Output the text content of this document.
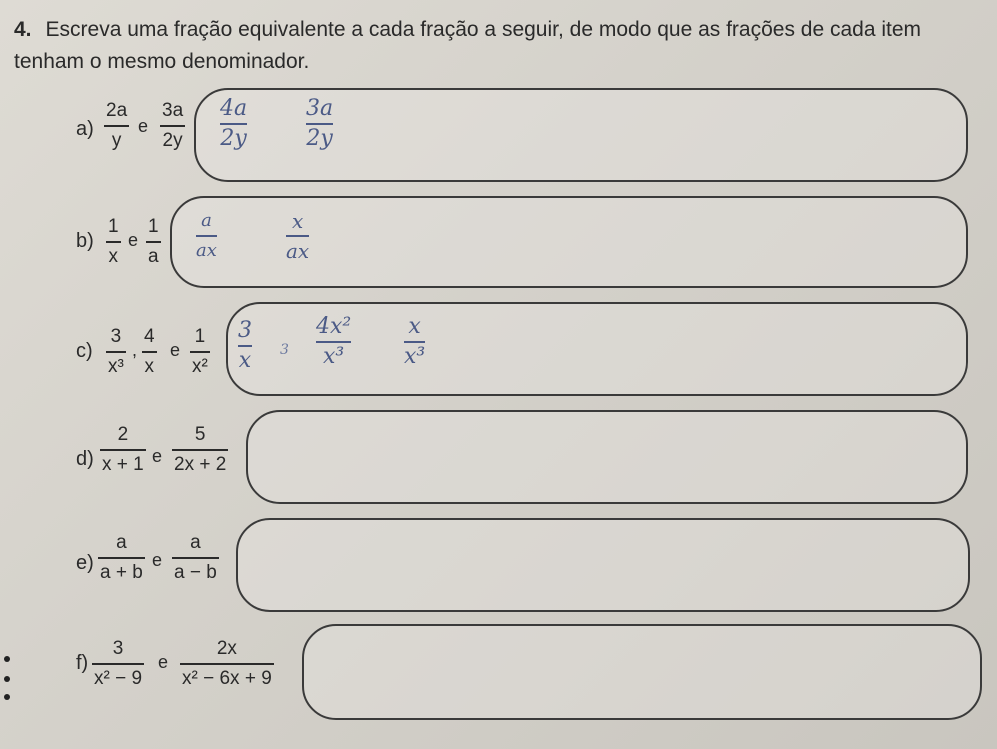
4. Escreva uma fração equivalente a cada fração a seguir, de modo que as frações de cada item tenham o mesmo denominador.
a)
2a
y
e
3a
2y
4a
2y
3a
2y
b)
1
x
e
1
a
a
ax
x
ax
c)
3
x³
,
4
x
e
1
x²
3
x 3
4x²
x³
x
x³
d)
2
x + 1 e
5
2x + 2
e)
a
a + b
e
a
a − b
f)
3
x² − 9
e
2x
x² − 6x + 9
